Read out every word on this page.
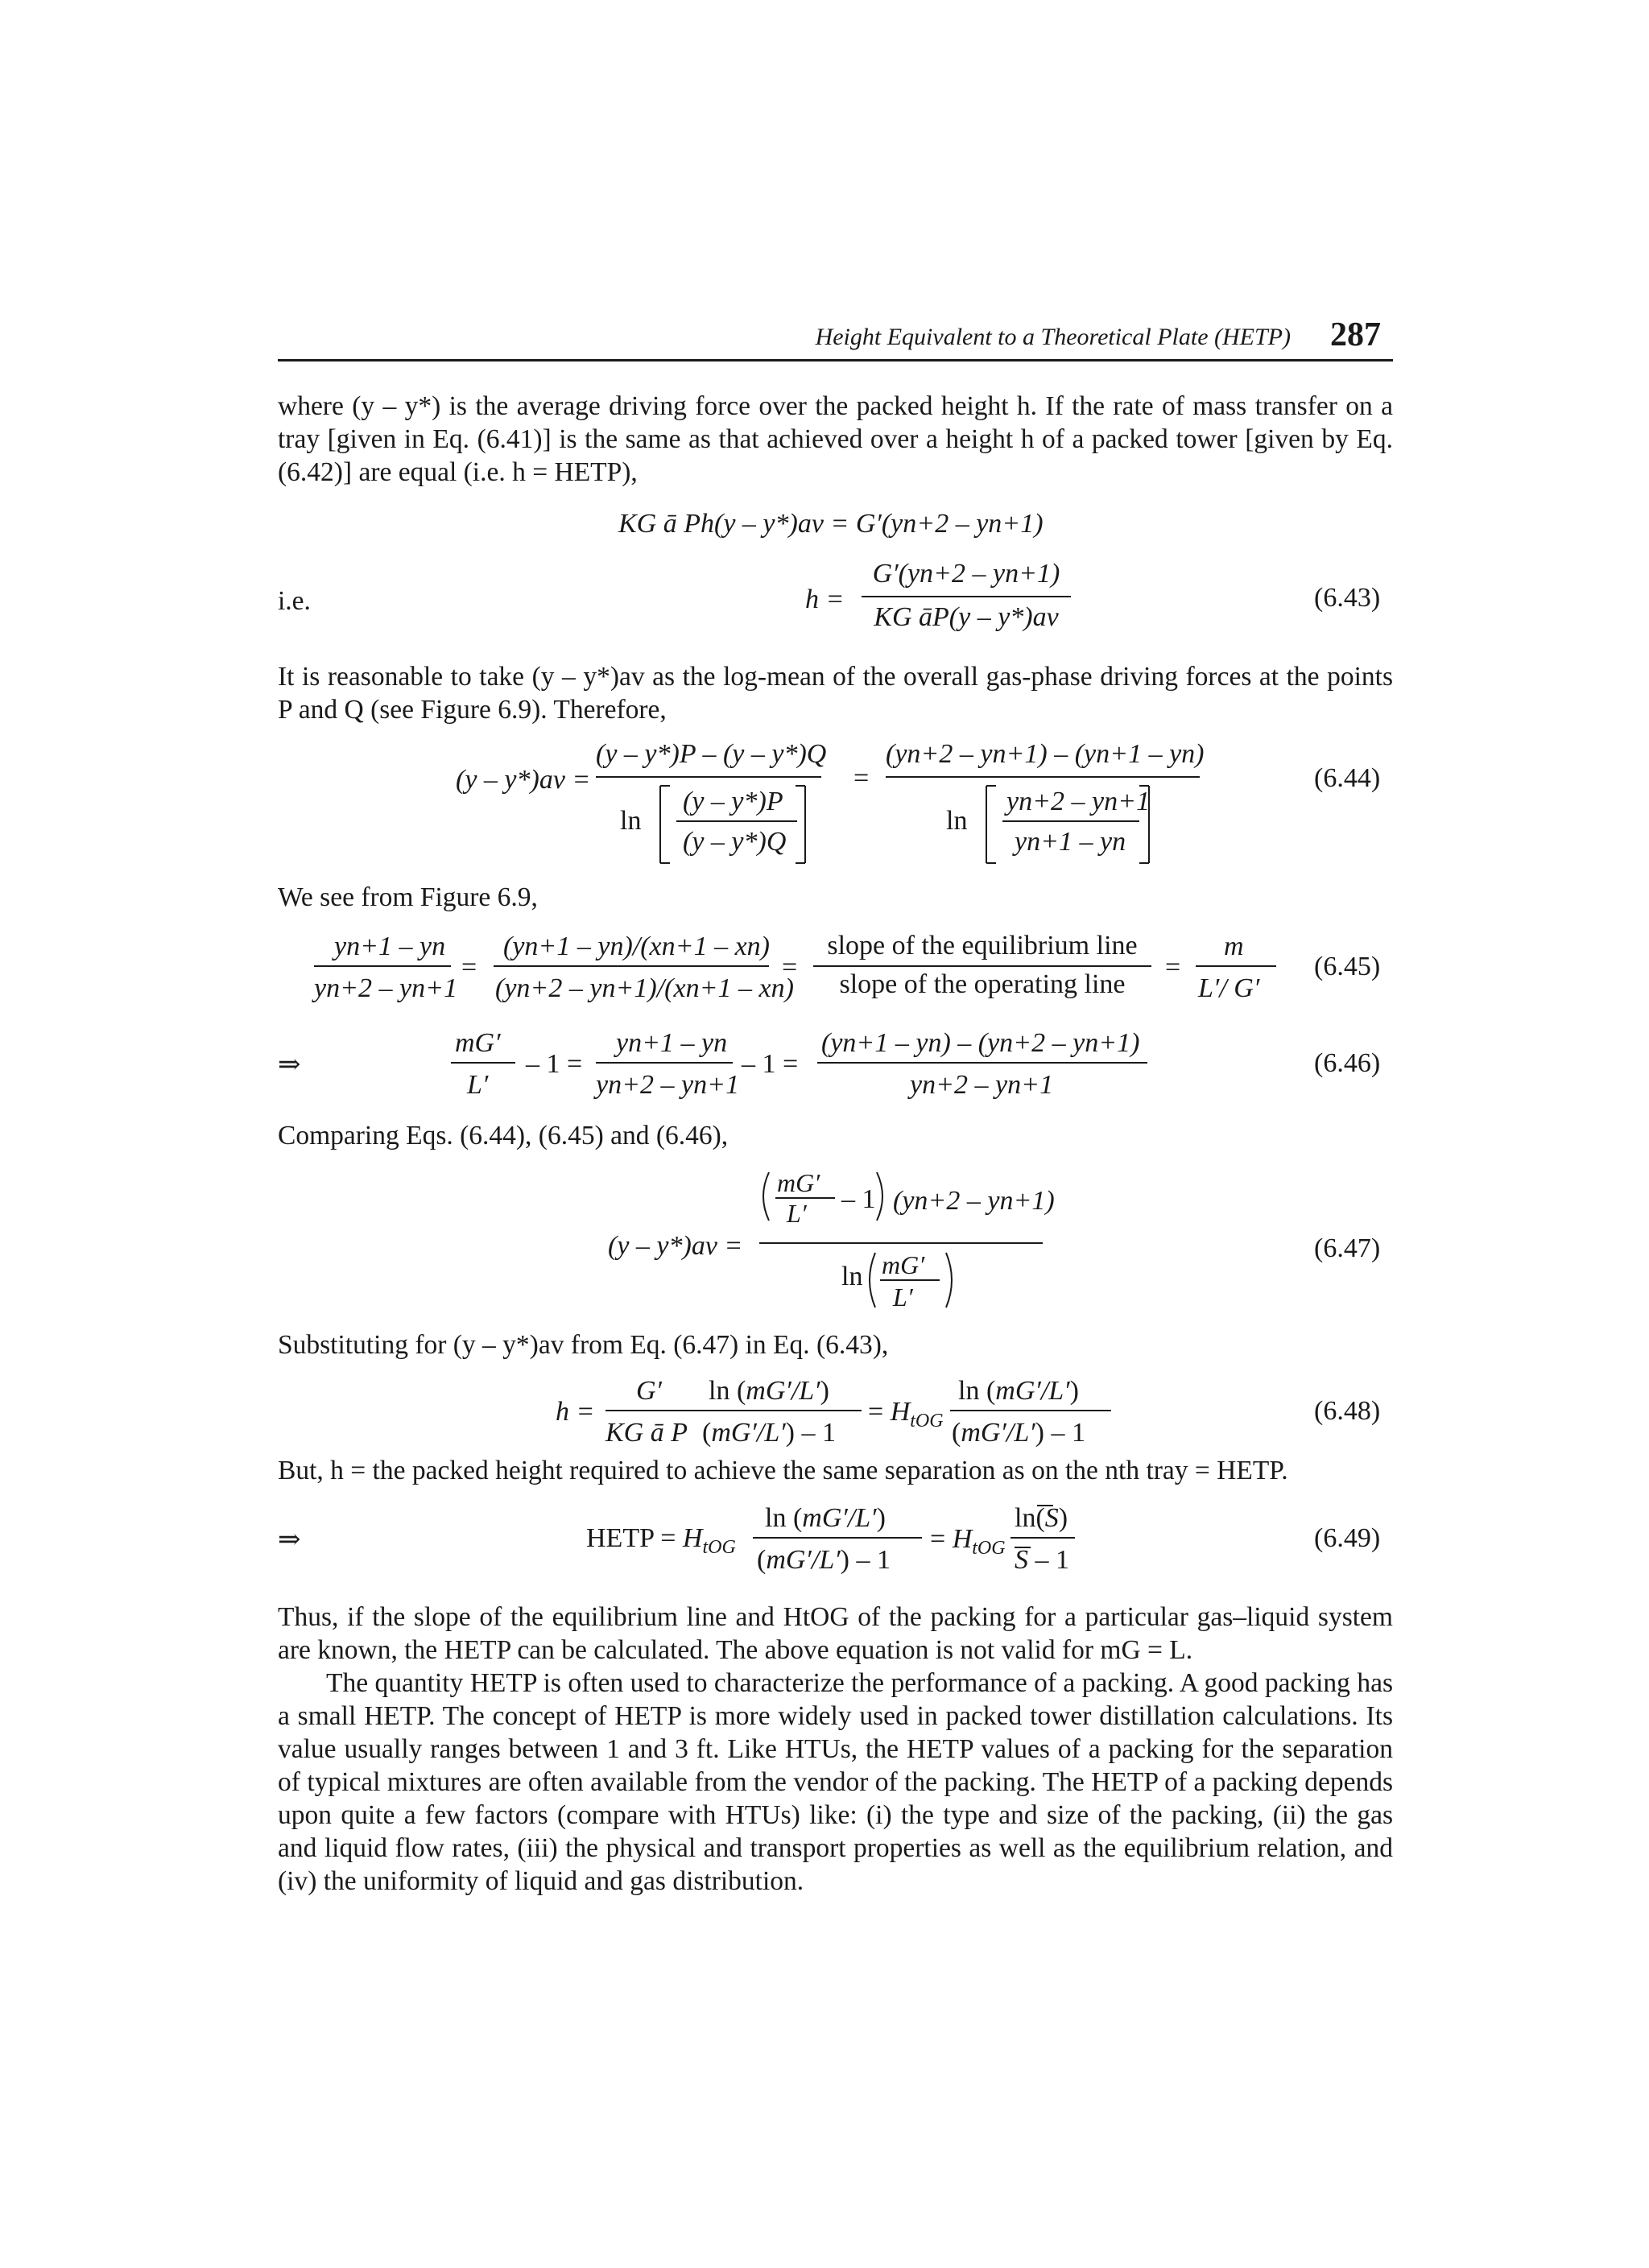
Height Equivalent to a Theoretical Plate (HETP) 287
where (y – y*) is the average driving force over the packed height h. If the rate of mass transfer on a tray [given in Eq. (6.41)] is the same as that achieved over a height h of a packed tower [given by Eq. (6.42)] are equal (i.e. h = HETP),
KG ā Ph(y – y*)av = G′(yn+2 – yn+1)
i.e.	h =
G′(yn+2 – yn+1)
KG āP(y – y*)av
(6.43)
It is reasonable to take (y – y*)av as the log-mean of the overall gas-phase driving forces at the points P and Q (see Figure 6.9). Therefore,
(y – y*)av =
(y – y*)P – (y – y*)Q
ln
(y – y*)P
(y – y*)Q
=
(yn+2 – yn+1) – (yn+1 – yn)
ln
yn+2 – yn+1
yn+1 – yn
(6.44)
We see from Figure 6.9,
yn+1 – yn
yn+2 – yn+1
=
(yn+1 – yn)/(xn+1 – xn)
(yn+2 – yn+1)/(xn+1 – xn)
=	=
m
L′/ G′
slope of the equilibrium line
slope of the operating line
(6.45)
⇒
mG′
L′
– 1 =
yn+1 – yn
yn+2 – yn+1
– 1 =
(yn+1 – yn) – (yn+2 – yn+1)
yn+2 – yn+1
(6.46)
Comparing Eqs. (6.44), (6.45) and (6.46),
(y – y*)av =
mG′
L′ – 1 (yn+2 – yn+1)
ln mG′
L′
(6.47)
Substituting for (y – y*)av from Eq. (6.47) in Eq. (6.43),
h =
G′
KG ā P
ln (mG′/L′)
(mG′/L′) – 1
= $H_{tOG}$
ln (mG′/L′)
(mG′/L′) – 1
(6.48)
But, h = the packed height required to achieve the same separation as on the nth tray = HETP.
⇒	HETP = $H_{tOG}$
ln (mG′/L′)
(mG′/L′) – 1
= $H_{tOG}$
ln(S)
S – 1
(6.49)
Thus, if the slope of the equilibrium line and HtOG of the packing for a particular gas–liquid system are known, the HETP can be calculated. The above equation is not valid for mG = L.
The quantity HETP is often used to characterize the performance of a packing. A good packing has a small HETP. The concept of HETP is more widely used in packed tower distillation calculations. Its value usually ranges between 1 and 3 ft. Like HTUs, the HETP values of a packing for the separation of typical mixtures are often available from the vendor of the packing. The HETP of a packing depends upon quite a few factors (compare with HTUs) like: (i) the type and size of the packing, (ii) the gas and liquid flow rates, (iii) the physical and transport properties as well as the equilibrium relation, and (iv) the uniformity of liquid and gas distribution.
